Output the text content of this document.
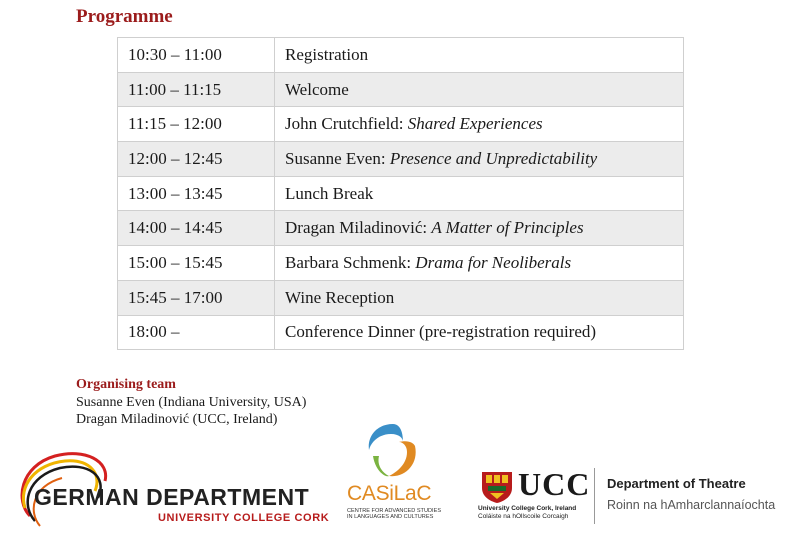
Programme
10:30 – 11:00	Registration
11:00 – 11:15	Welcome
11:15 – 12:00	John Crutchfield: Shared Experiences
12:00 – 12:45	Susanne Even: Presence and Unpredictability
13:00 – 13:45	Lunch Break
14:00 – 14:45	Dragan Miladinović: A Matter of Principles
15:00 – 15:45	Barbara Schmenk: Drama for Neoliberals
15:45 – 17:00	Wine Reception
18:00 –	Conference Dinner (pre-registration required)
Organising team
Susanne Even (Indiana University, USA)
Dragan Miladinović (UCC, Ireland)
GERMAN DEPARTMENT
UNIVERSITY COLLEGE CORK
CASiLaC
CENTRE FOR ADVANCED STUDIES
IN LANGUAGES AND CULTURES
UCC
University College Cork, Ireland
Coláiste na hOllscoile Corcaigh
Department of Theatre
Roinn na hAmharclannaíochta
